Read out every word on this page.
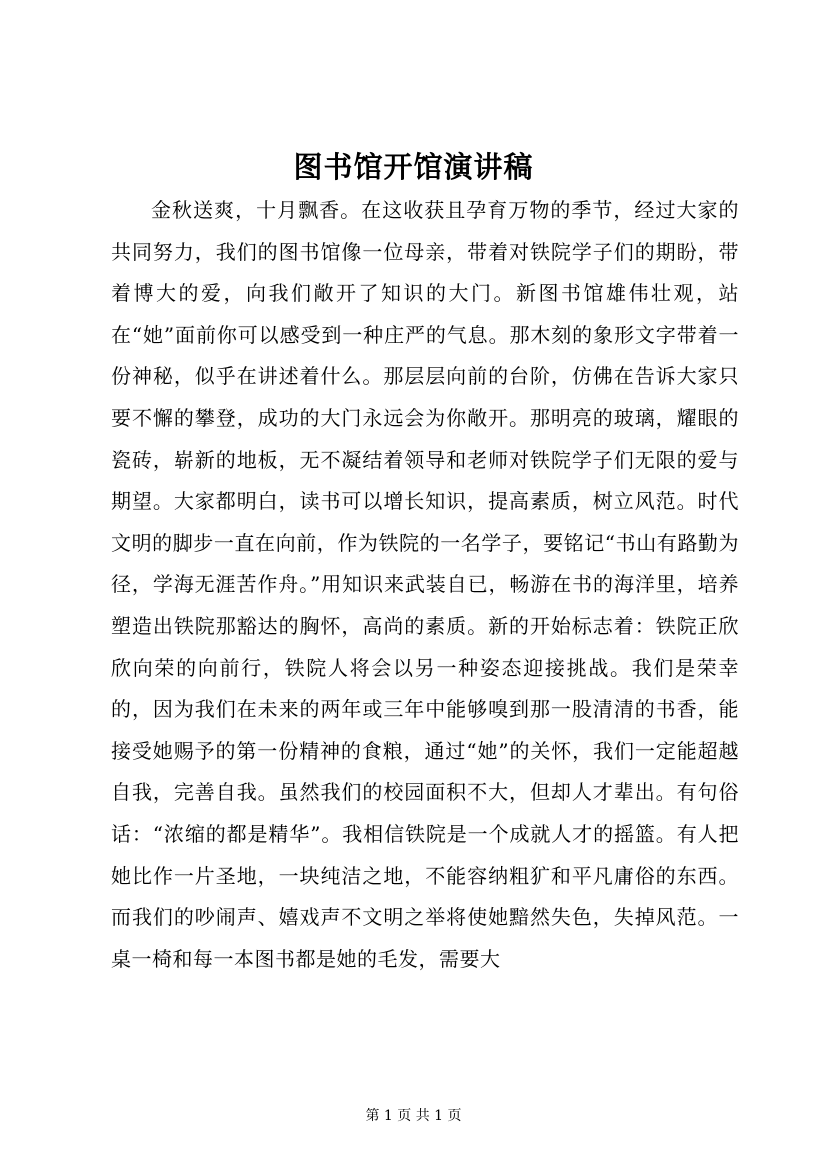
图书馆开馆演讲稿

金秋送爽，十月飘香。在这收获且孕育万物的季节，经过大家的共同努力，我们的图书馆像一位母亲，带着对铁院学子们的期盼，带着博大的爱，向我们敞开了知识的大门。新图书馆雄伟壮观，站在“她”面前你可以感受到一种庄严的气息。那木刻的象形文字带着一份神秘，似乎在讲述着什么。那层层向前的台阶，仿佛在告诉大家只要不懈的攀登，成功的大门永远会为你敞开。那明亮的玻璃，耀眼的瓷砖，崭新的地板，无不凝结着领导和老师对铁院学子们无限的爱与期望。大家都明白，读书可以增长知识，提高素质，树立风范。时代文明的脚步一直在向前，作为铁院的一名学子，要铭记“书山有路勤为径，学海无涯苦作舟。”用知识来武装自已，畅游在书的海洋里，培养塑造出铁院那豁达的胸怀，高尚的素质。新的开始标志着：铁院正欣欣向荣的向前行，铁院人将会以另一种姿态迎接挑战。我们是荣幸的，因为我们在未来的两年或三年中能够嗅到那一股清清的书香，能接受她赐予的第一份精神的食粮，通过“她”的关怀，我们一定能超越自我，完善自我。虽然我们的校园面积不大，但却人才辈出。有句俗话：“浓缩的都是精华”。我相信铁院是一个成就人才的摇篮。有人把她比作一片圣地，一块纯洁之地，不能容纳粗犷和平凡庸俗的东西。而我们的吵闹声、嬉戏声不文明之举将使她黯然失色，失掉风范。一桌一椅和每一本图书都是她的毛发，需要大

第 1 页 共 1 页
